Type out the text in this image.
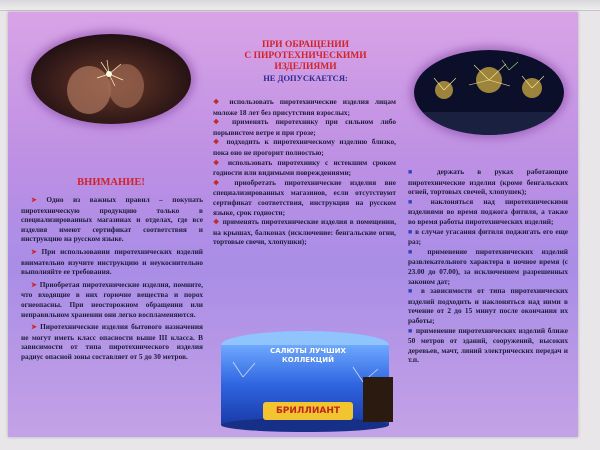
ВНИМАНИЕ!

➤ Одно из важных правил – покупать пиротехническую продукцию только в специализированных магазинах и отделах, где все изделия имеют сертификат соответствия и инструкцию на русском языке.

➤ При использовании пиротехнических изделий внимательно изучите инструкцию и неукоснительно выполняйте ее требования.

➤ Приобретая пиротехнические изделия, помните, что входящие в них горючие вещества и порох огнеопасны. При неосторожном обращении или неправильном хранении они легко воспламеняются.

➤ Пиротехнические изделия бытового назначения не могут иметь класс опасности выше III класса. В зависимости от типа пиротехнического изделия радиус опасной зоны составляет от 5 до 30 метров.

ПРИ ОБРАЩЕНИИ

С ПИРОТЕХНИЧЕСКИМИ

ИЗДЕЛИЯМИ

НЕ ДОПУСКАЕТСЯ:

❖ использовать пиротехнические изделия лицам моложе 18 лет без присутствия взрослых;

❖ применять пиротехнику при сильном либо порывистом ветре и при грозе;

❖ подходить к пиротехническому изделию близко, пока оно не прогорит полностью;

❖ использовать пиротехнику с истекшим сроком годности или видимыми повреждениями;

❖ приобретать пиротехнические изделия вне специализированных магазинов, если отсутствуют сертификат соответствия, инструкция на русском языке, срок годности;

❖ применять пиротехнические изделия в помещении, на крышах, балконах (исключение: бенгальские огни, тортовые свечи, хлопушки);

САЛЮТЫ ЛУЧШИХ
КОЛЛЕКЦИЙ
БРИЛЛИАНТ

■ держать в руках работающие пиротехнические изделия (кроме бенгальских огней, тортовых свечей, хлопушек);

■ наклоняться над пиротехническими изделиями во время поджога фитиля, а также во время работы пиротехнических изделий;

■ в случае угасания фитиля поджигать его еще раз;

■ применение пиротехнических изделий развлекательного характера в ночное время (с 23.00 до 07.00), за исключением разрешенных законом дат;

■ в зависимости от типа пиротехнических изделий подходить и наклоняться над ними в течение от 2 до 15 минут после окончания их работы;

■ применение пиротехнических изделий ближе 50 метров от зданий, сооружений, высоких деревьев, мачт, линий электрических передач и т.п.
